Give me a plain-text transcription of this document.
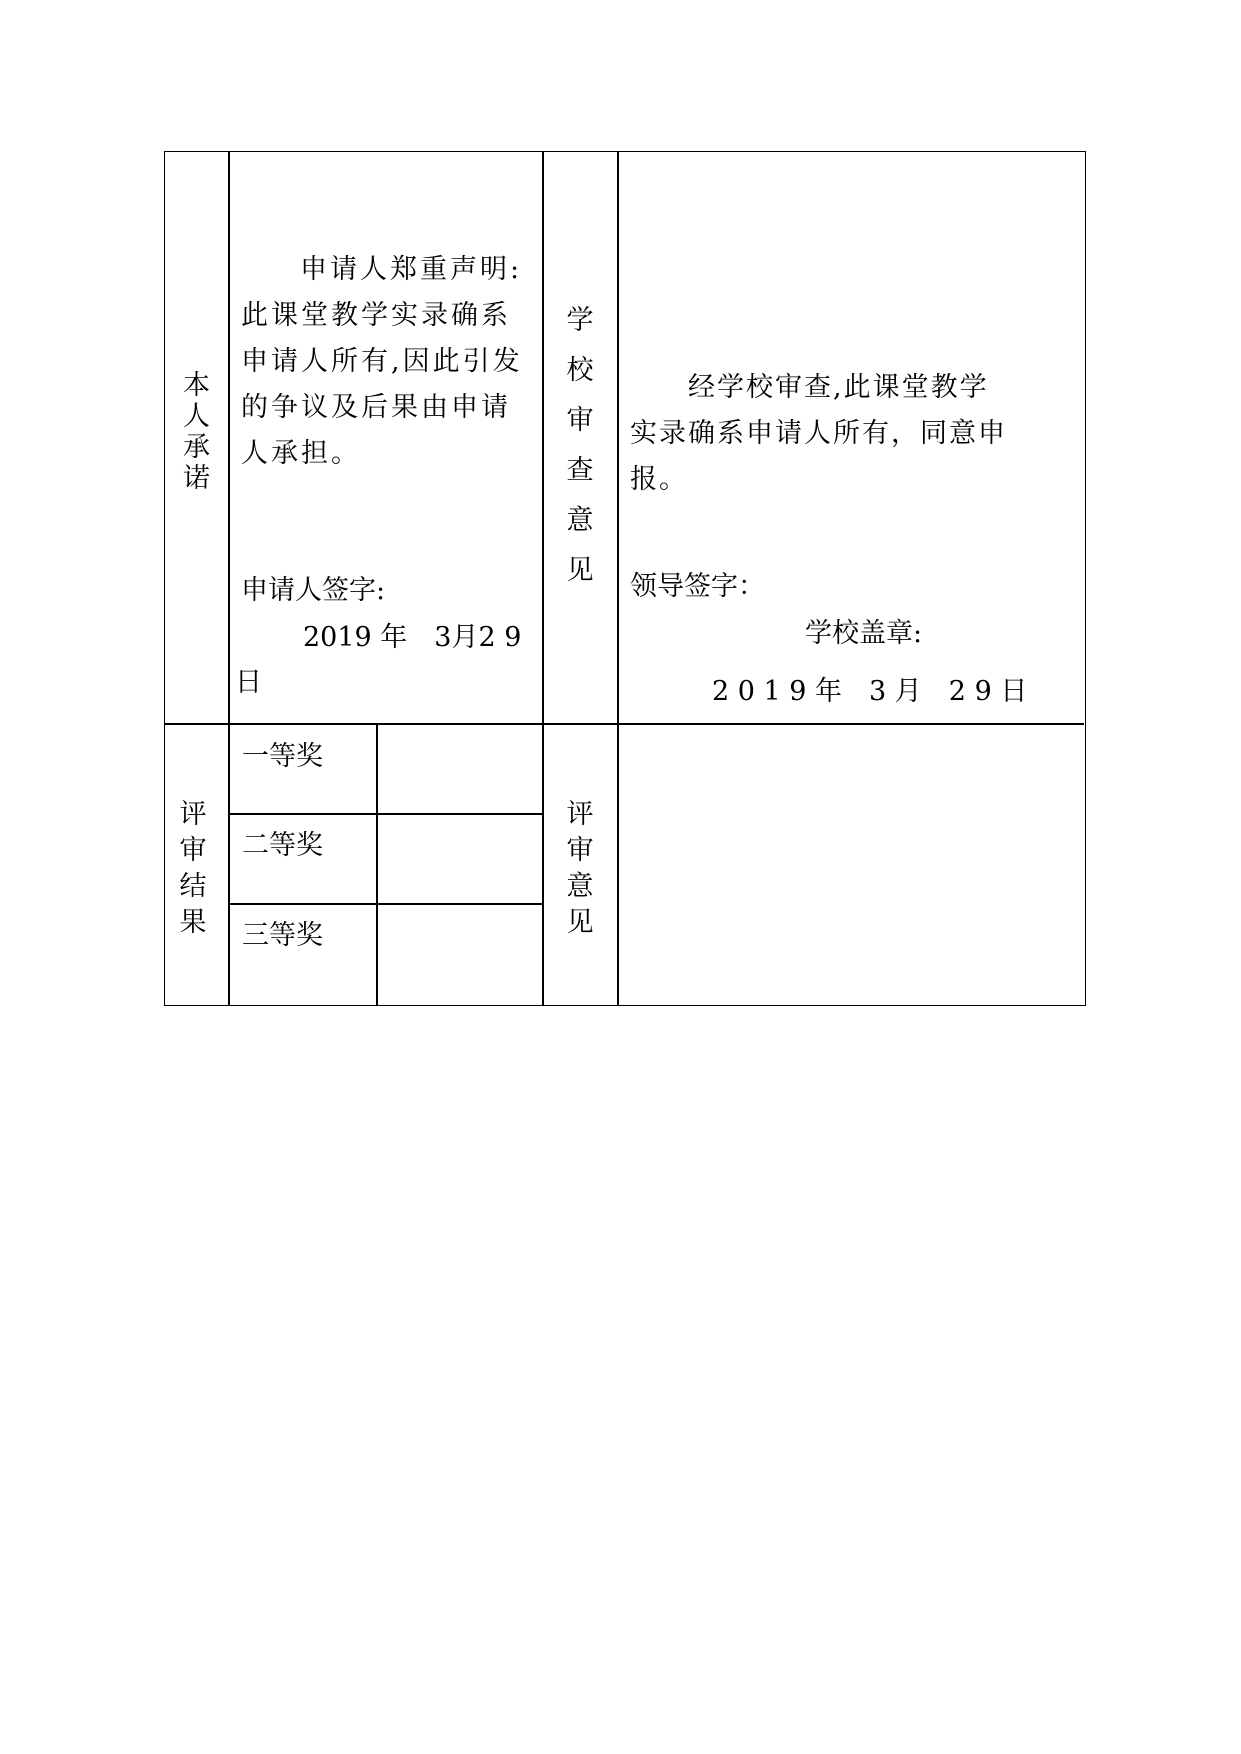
本
人
承
诺
申请人郑重声明:
此课堂教学实录确系
申请人所有,因此引发
的争议及后果由申请
人承担。
申请人签字:
2019 年　3月2 9
日
学
校
审
查
意
见
经学校审查,此课堂教学
实录确系申请人所有，同意申
报。
领导签字：
学校盖章:
2 0 1 9 年　3 月　2 9 日
评
审
结
果
一等奖
二等奖
三等奖
评
审
意
见
